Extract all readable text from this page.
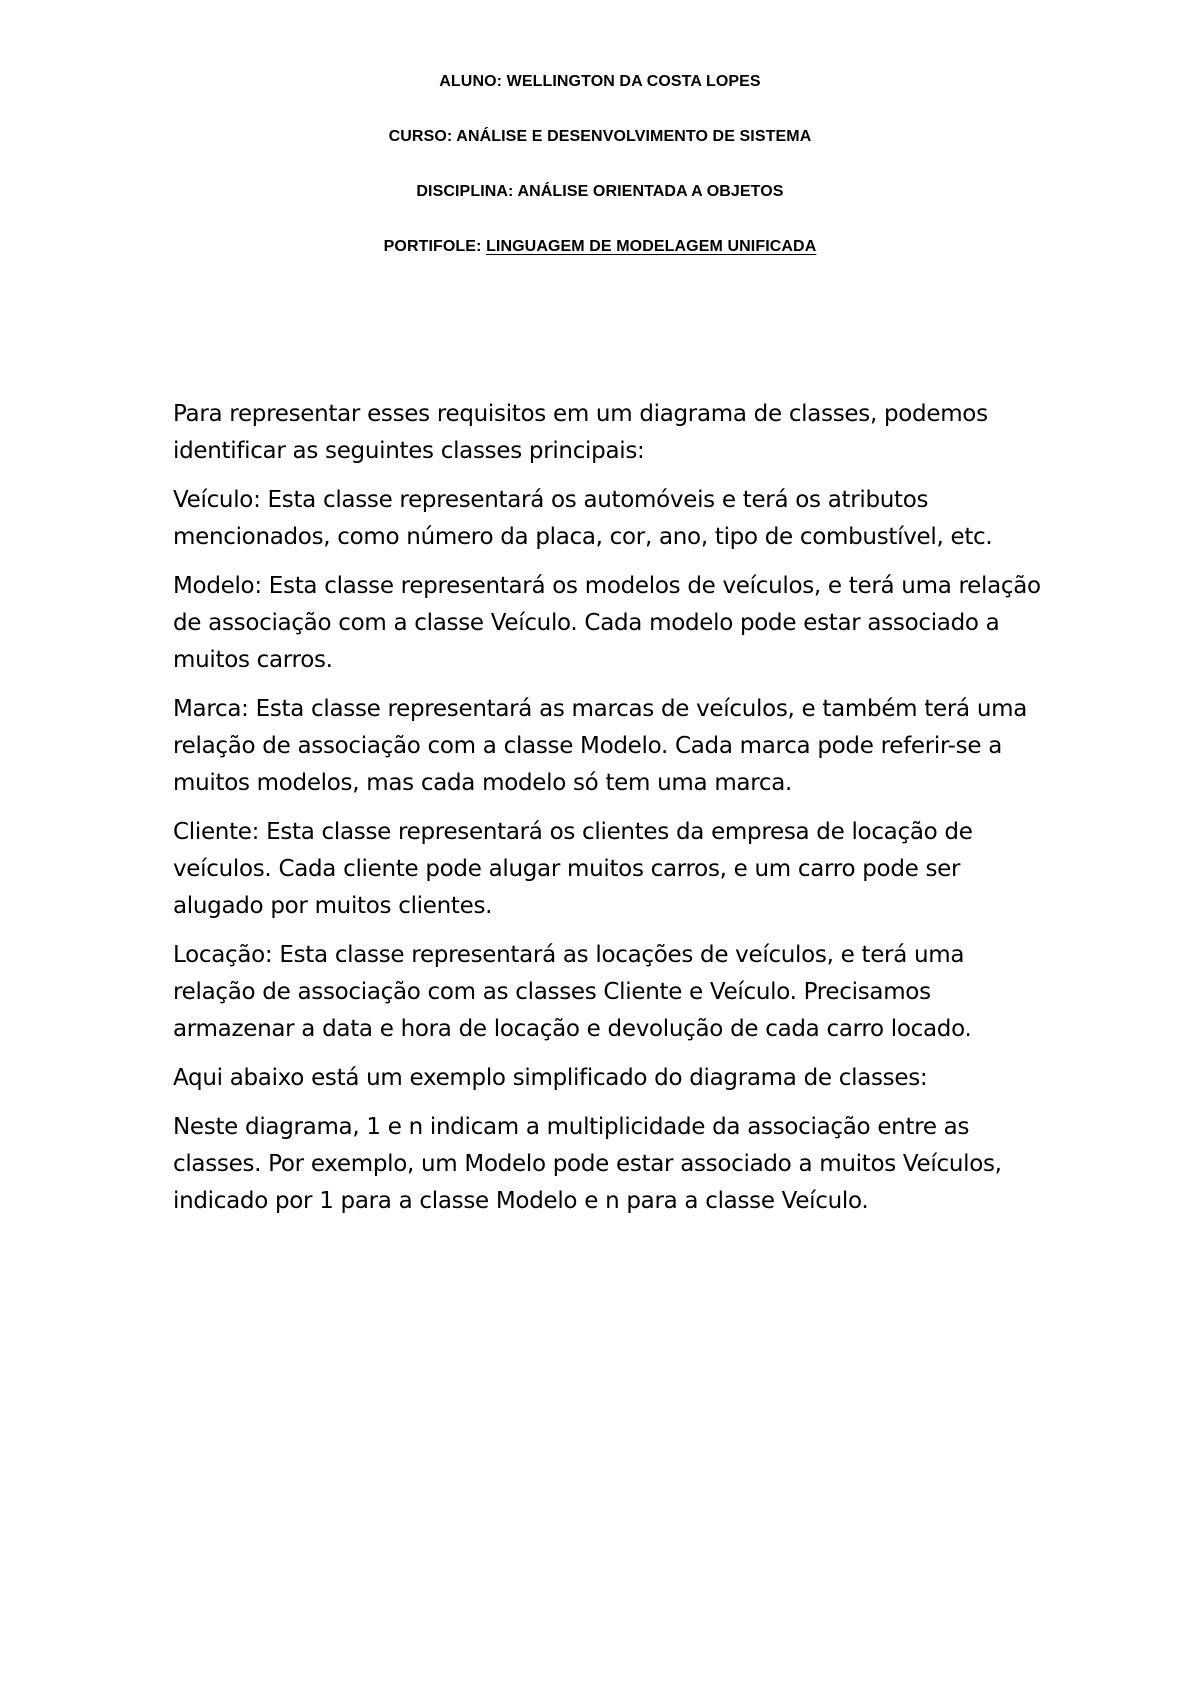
ALUNO: WELLINGTON DA COSTA LOPES
CURSO: ANÁLISE E DESENVOLVIMENTO DE SISTEMA
DISCIPLINA: ANÁLISE ORIENTADA A OBJETOS
PORTIFOLE: LINGUAGEM DE MODELAGEM UNIFICADA

Para representar esses requisitos em um diagrama de classes, podemos identificar as seguintes classes principais:

Veículo: Esta classe representará os automóveis e terá os atributos mencionados, como número da placa, cor, ano, tipo de combustível, etc.

Modelo: Esta classe representará os modelos de veículos, e terá uma relação de associação com a classe Veículo. Cada modelo pode estar associado a muitos carros.

Marca: Esta classe representará as marcas de veículos, e também terá uma relação de associação com a classe Modelo. Cada marca pode referir-se a muitos modelos, mas cada modelo só tem uma marca.

Cliente: Esta classe representará os clientes da empresa de locação de veículos. Cada cliente pode alugar muitos carros, e um carro pode ser alugado por muitos clientes.

Locação: Esta classe representará as locações de veículos, e terá uma relação de associação com as classes Cliente e Veículo. Precisamos armazenar a data e hora de locação e devolução de cada carro locado.

Aqui abaixo está um exemplo simplificado do diagrama de classes:

Neste diagrama, 1 e n indicam a multiplicidade da associação entre as classes. Por exemplo, um Modelo pode estar associado a muitos Veículos, indicado por 1 para a classe Modelo e n para a classe Veículo.
